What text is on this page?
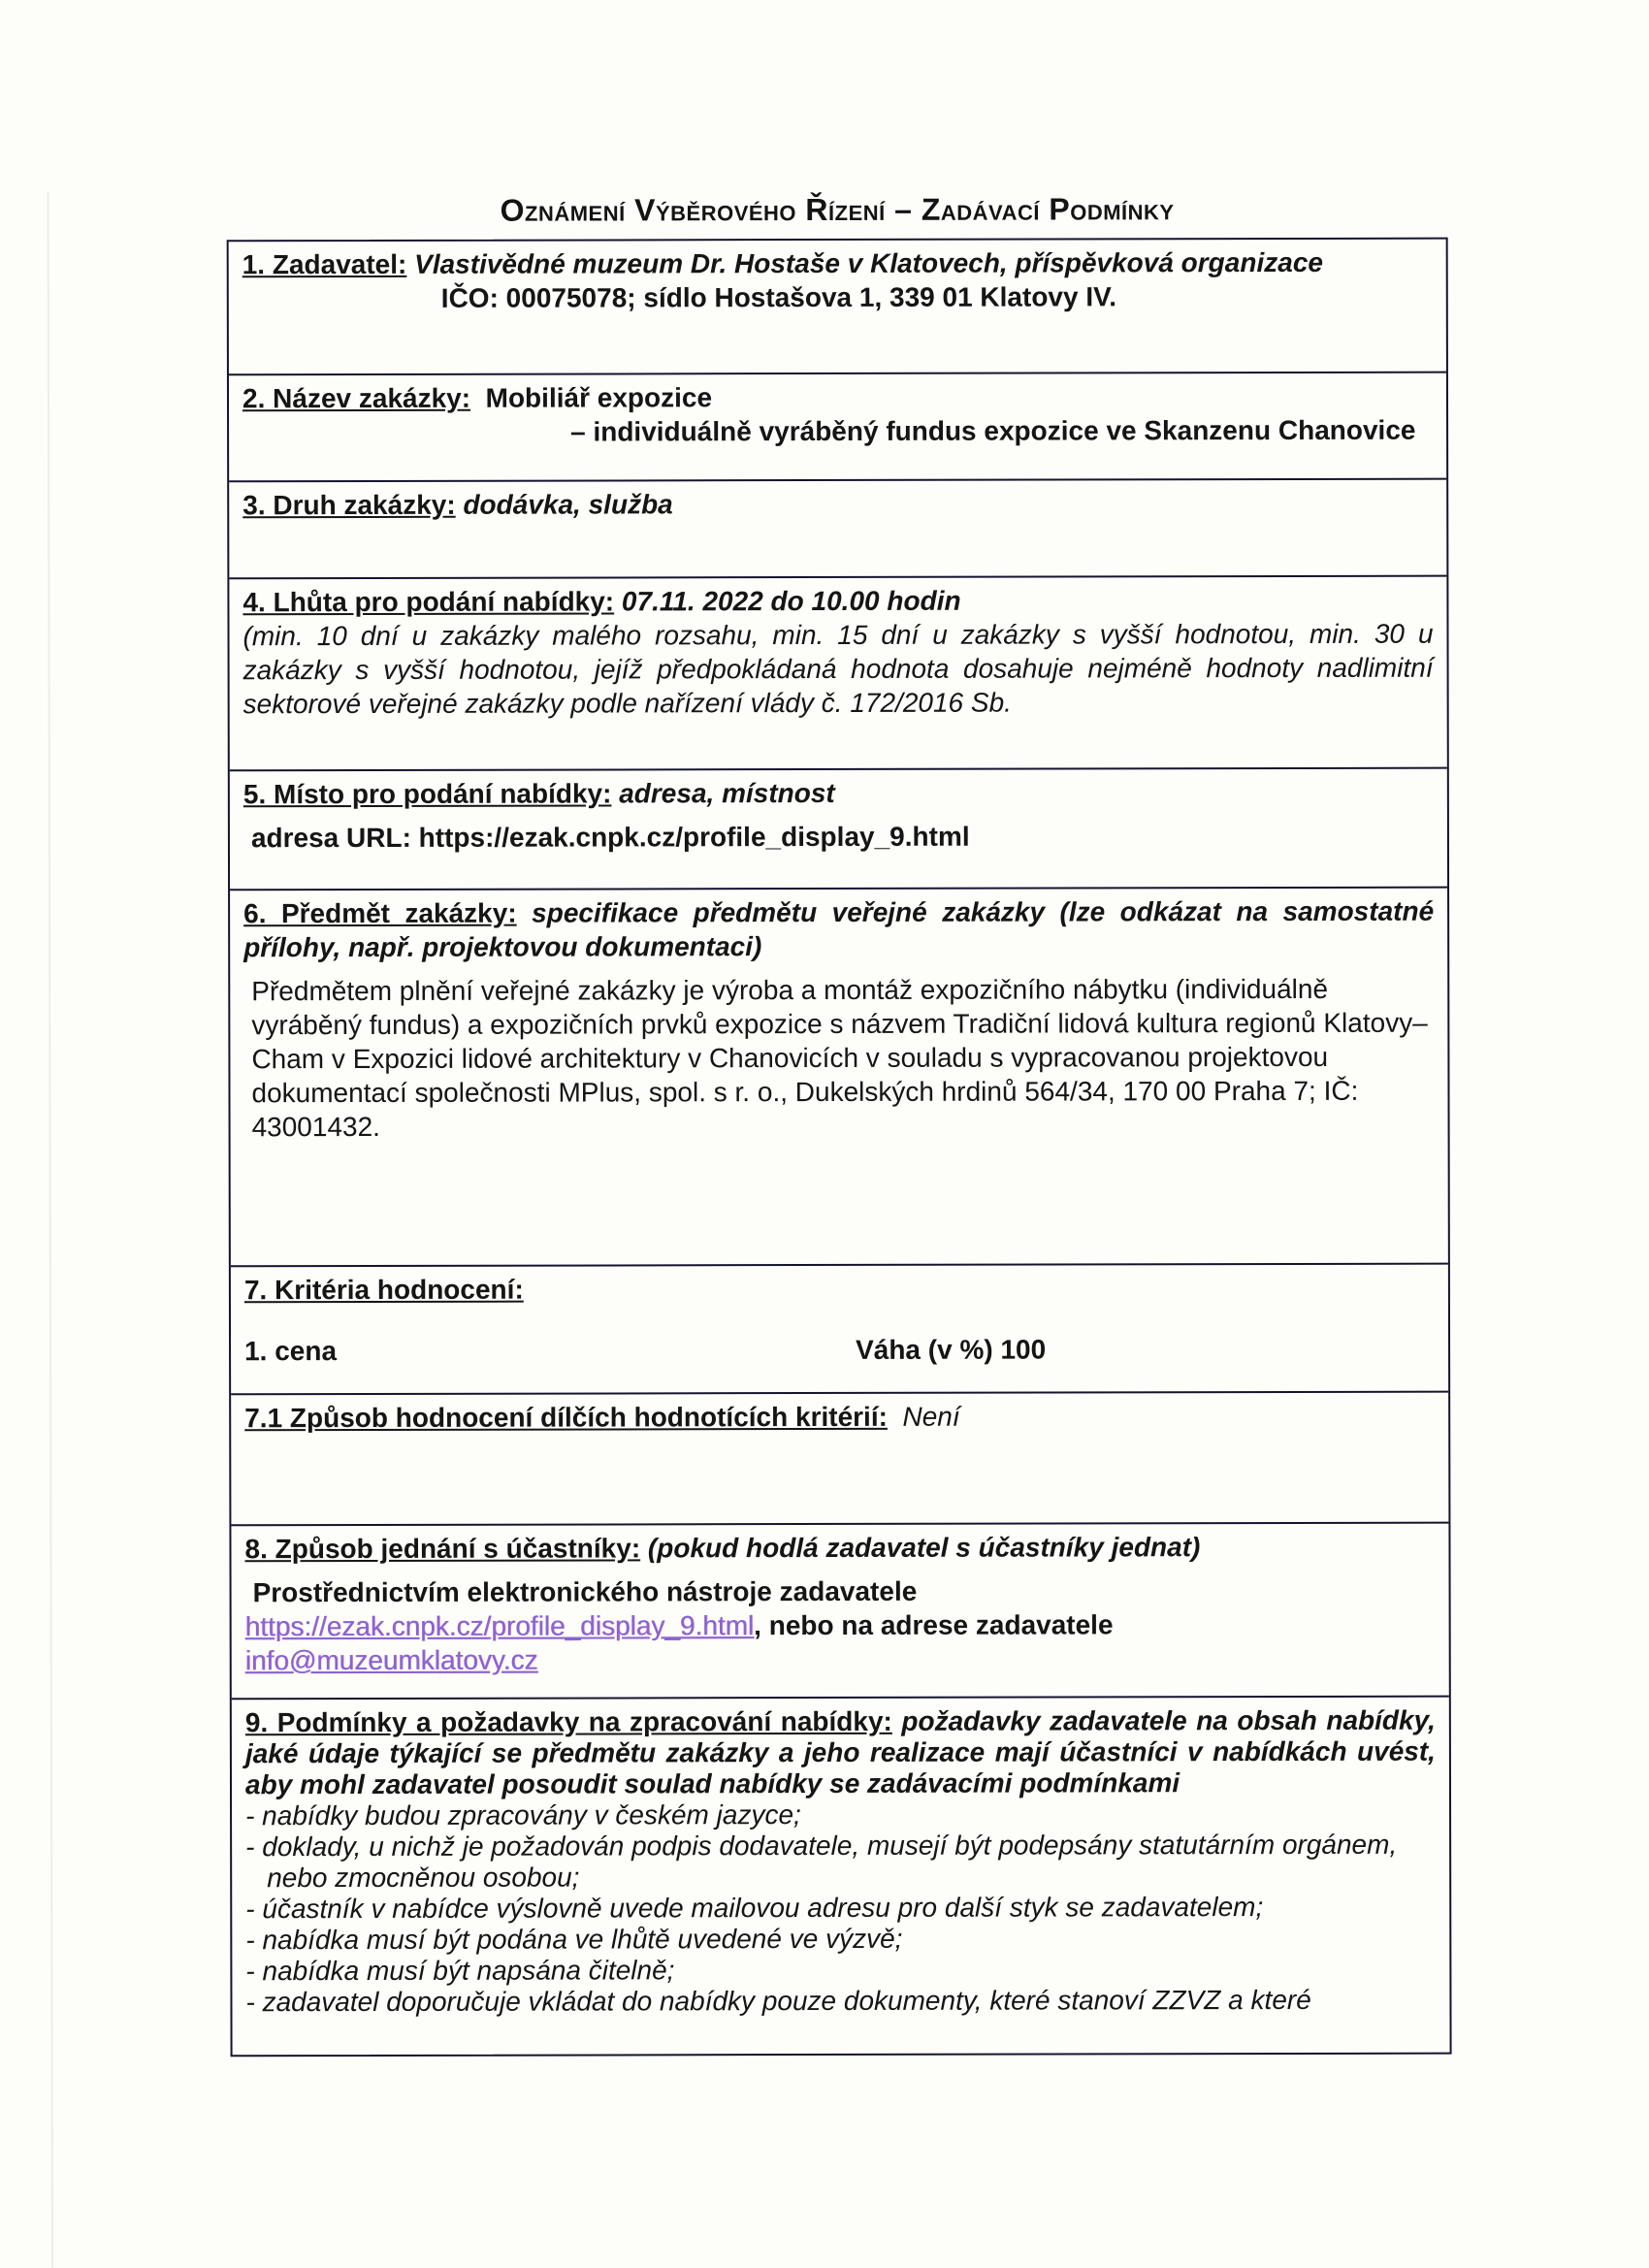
Oznámení Výběrového Řízení – Zadávací Podmínky

1. Zadavatel: Vlastivědné muzeum Dr. Hostaše v Klatovech, příspěvková organizace

IČO: 00075078; sídlo Hostašova 1, 339 01 Klatovy IV.

2. Název zakázky: Mobiliář expozice

– individuálně vyráběný fundus expozice ve Skanzenu Chanovice

3. Druh zakázky: dodávka, služba

4. Lhůta pro podání nabídky: 07.11. 2022 do 10.00 hodin

(min. 10 dní u zakázky malého rozsahu, min. 15 dní u zakázky s vyšší hodnotou, min. 30 u zakázky s vyšší hodnotou, jejíž předpokládaná hodnota dosahuje nejméně hodnoty nadlimitní sektorové veřejné zakázky podle nařízení vlády č. 172/2016 Sb.

5. Místo pro podání nabídky: adresa, místnost

adresa URL: https://ezak.cnpk.cz/profile_display_9.html

6. Předmět zakázky: specifikace předmětu veřejné zakázky (lze odkázat na samostatné přílohy, např. projektovou dokumentaci)

Předmětem plnění veřejné zakázky je výroba a montáž expozičního nábytku (individuálně vyráběný fundus) a expozičních prvků expozice s názvem Tradiční lidová kultura regionů Klatovy–Cham v Expozici lidové architektury v Chanovicích v souladu s vypracovanou projektovou dokumentací společnosti MPlus, spol. s r. o., Dukelských hrdinů 564/34, 170 00 Praha 7; IČ: 43001432.

7. Kritéria hodnocení:

1. cena	Váha (v %) 100

7.1 Způsob hodnocení dílčích hodnotících kritérií: Není

8. Způsob jednání s účastníky: (pokud hodlá zadavatel s účastníky jednat)

Prostřednictvím elektronického nástroje zadavatele

https://ezak.cnpk.cz/profile_display_9.html, nebo na adrese zadavatele

info@muzeumklatovy.cz

9. Podmínky a požadavky na zpracování nabídky: požadavky zadavatele na obsah nabídky, jaké údaje týkající se předmětu zakázky a jeho realizace mají účastníci v nabídkách uvést, aby mohl zadavatel posoudit soulad nabídky se zadávacími podmínkami

- nabídky budou zpracovány v českém jazyce;

- doklady, u nichž je požadován podpis dodavatele, musejí být podepsány statutárním orgánem, nebo zmocněnou osobou;

- účastník v nabídce výslovně uvede mailovou adresu pro další styk se zadavatelem;

- nabídka musí být podána ve lhůtě uvedené ve výzvě;

- nabídka musí být napsána čitelně;

- zadavatel doporučuje vkládat do nabídky pouze dokumenty, které stanoví ZZVZ a které
